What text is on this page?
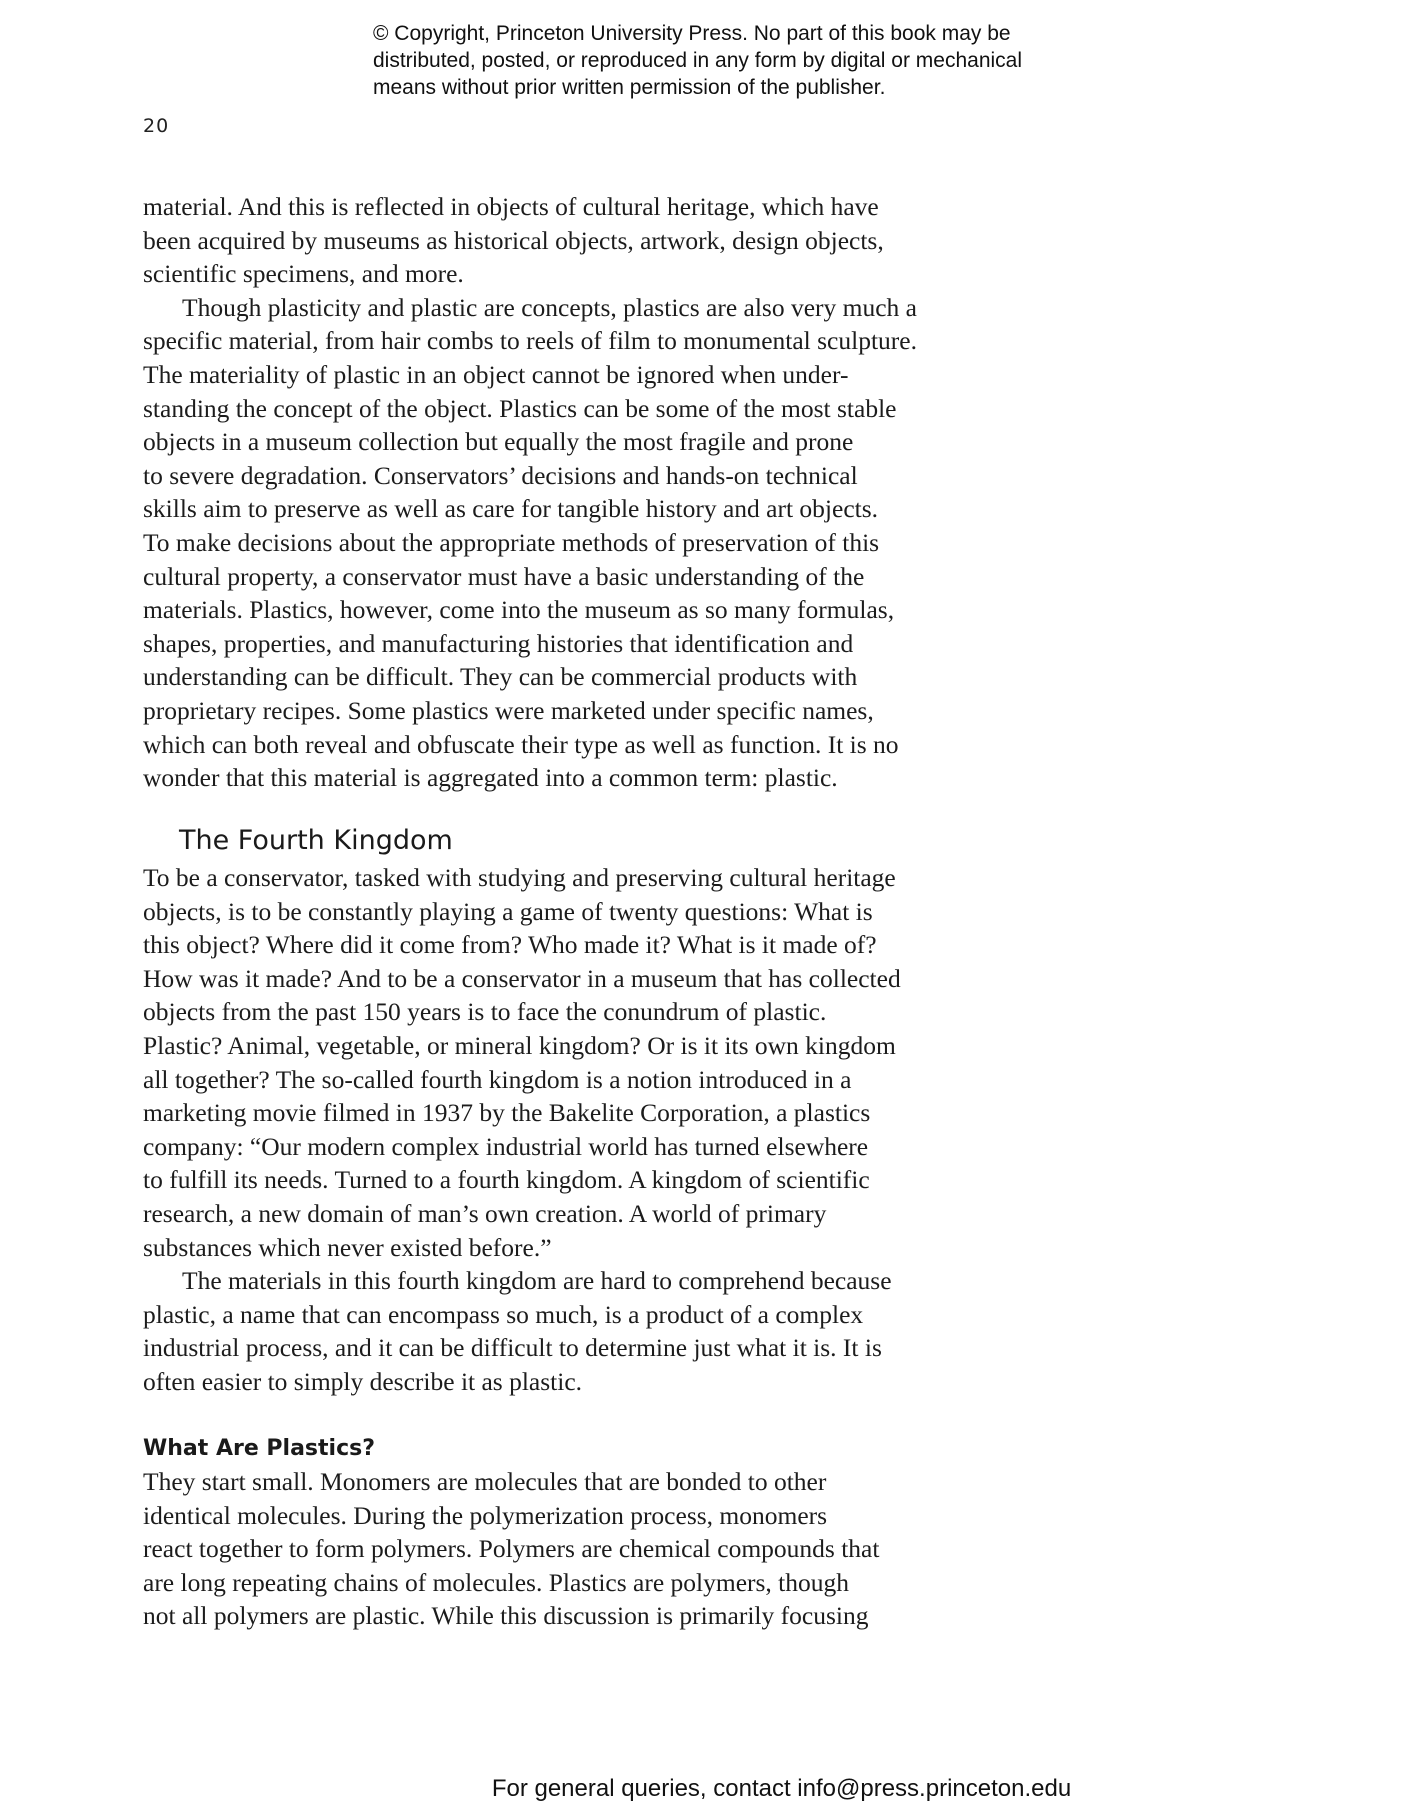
© Copyright, Princeton University Press. No part of this book may be
distributed, posted, or reproduced in any form by digital or mechanical
means without prior written permission of the publisher.
20
material. And this is reflected in objects of cultural heritage, which have
been acquired by museums as historical objects, artwork, design objects,
scientific specimens, and more.
Though plasticity and plastic are concepts, plastics are also very much a
specific material, from hair combs to reels of film to monumental sculpture.
The materiality of plastic in an object cannot be ignored when under-
standing the concept of the object. Plastics can be some of the most stable
objects in a museum collection but equally the most fragile and prone
to severe degradation. Conservators’ decisions and hands-on technical
skills aim to preserve as well as care for tangible history and art objects.
To make decisions about the appropriate methods of preservation of this
cultural property, a conservator must have a basic understanding of the
materials. Plastics, however, come into the museum as so many formulas,
shapes, properties, and manufacturing histories that identification and
understanding can be difficult. They can be commercial products with
proprietary recipes. Some plastics were marketed under specific names,
which can both reveal and obfuscate their type as well as function. It is no
wonder that this material is aggregated into a common term: plastic.
The Fourth Kingdom
To be a conservator, tasked with studying and preserving cultural heritage
objects, is to be constantly playing a game of twenty questions: What is
this object? Where did it come from? Who made it? What is it made of?
How was it made? And to be a conservator in a museum that has collected
objects from the past 150 years is to face the conundrum of plastic.
Plastic? Animal, vegetable, or mineral kingdom? Or is it its own kingdom
all together? The so-called fourth kingdom is a notion introduced in a
marketing movie filmed in 1937 by the Bakelite Corporation, a plastics
company: “Our modern complex industrial world has turned elsewhere
to fulfill its needs. Turned to a fourth kingdom. A kingdom of scientific
research, a new domain of man’s own creation. A world of primary
substances which never existed before.”
The materials in this fourth kingdom are hard to comprehend because
plastic, a name that can encompass so much, is a product of a complex
industrial process, and it can be difficult to determine just what it is. It is
often easier to simply describe it as plastic.
What Are Plastics?
They start small. Monomers are molecules that are bonded to other
identical molecules. During the polymerization process, monomers
react together to form polymers. Polymers are chemical compounds that
are long repeating chains of molecules. Plastics are polymers, though
not all polymers are plastic. While this discussion is primarily focusing
For general queries, contact info@press.princeton.edu
